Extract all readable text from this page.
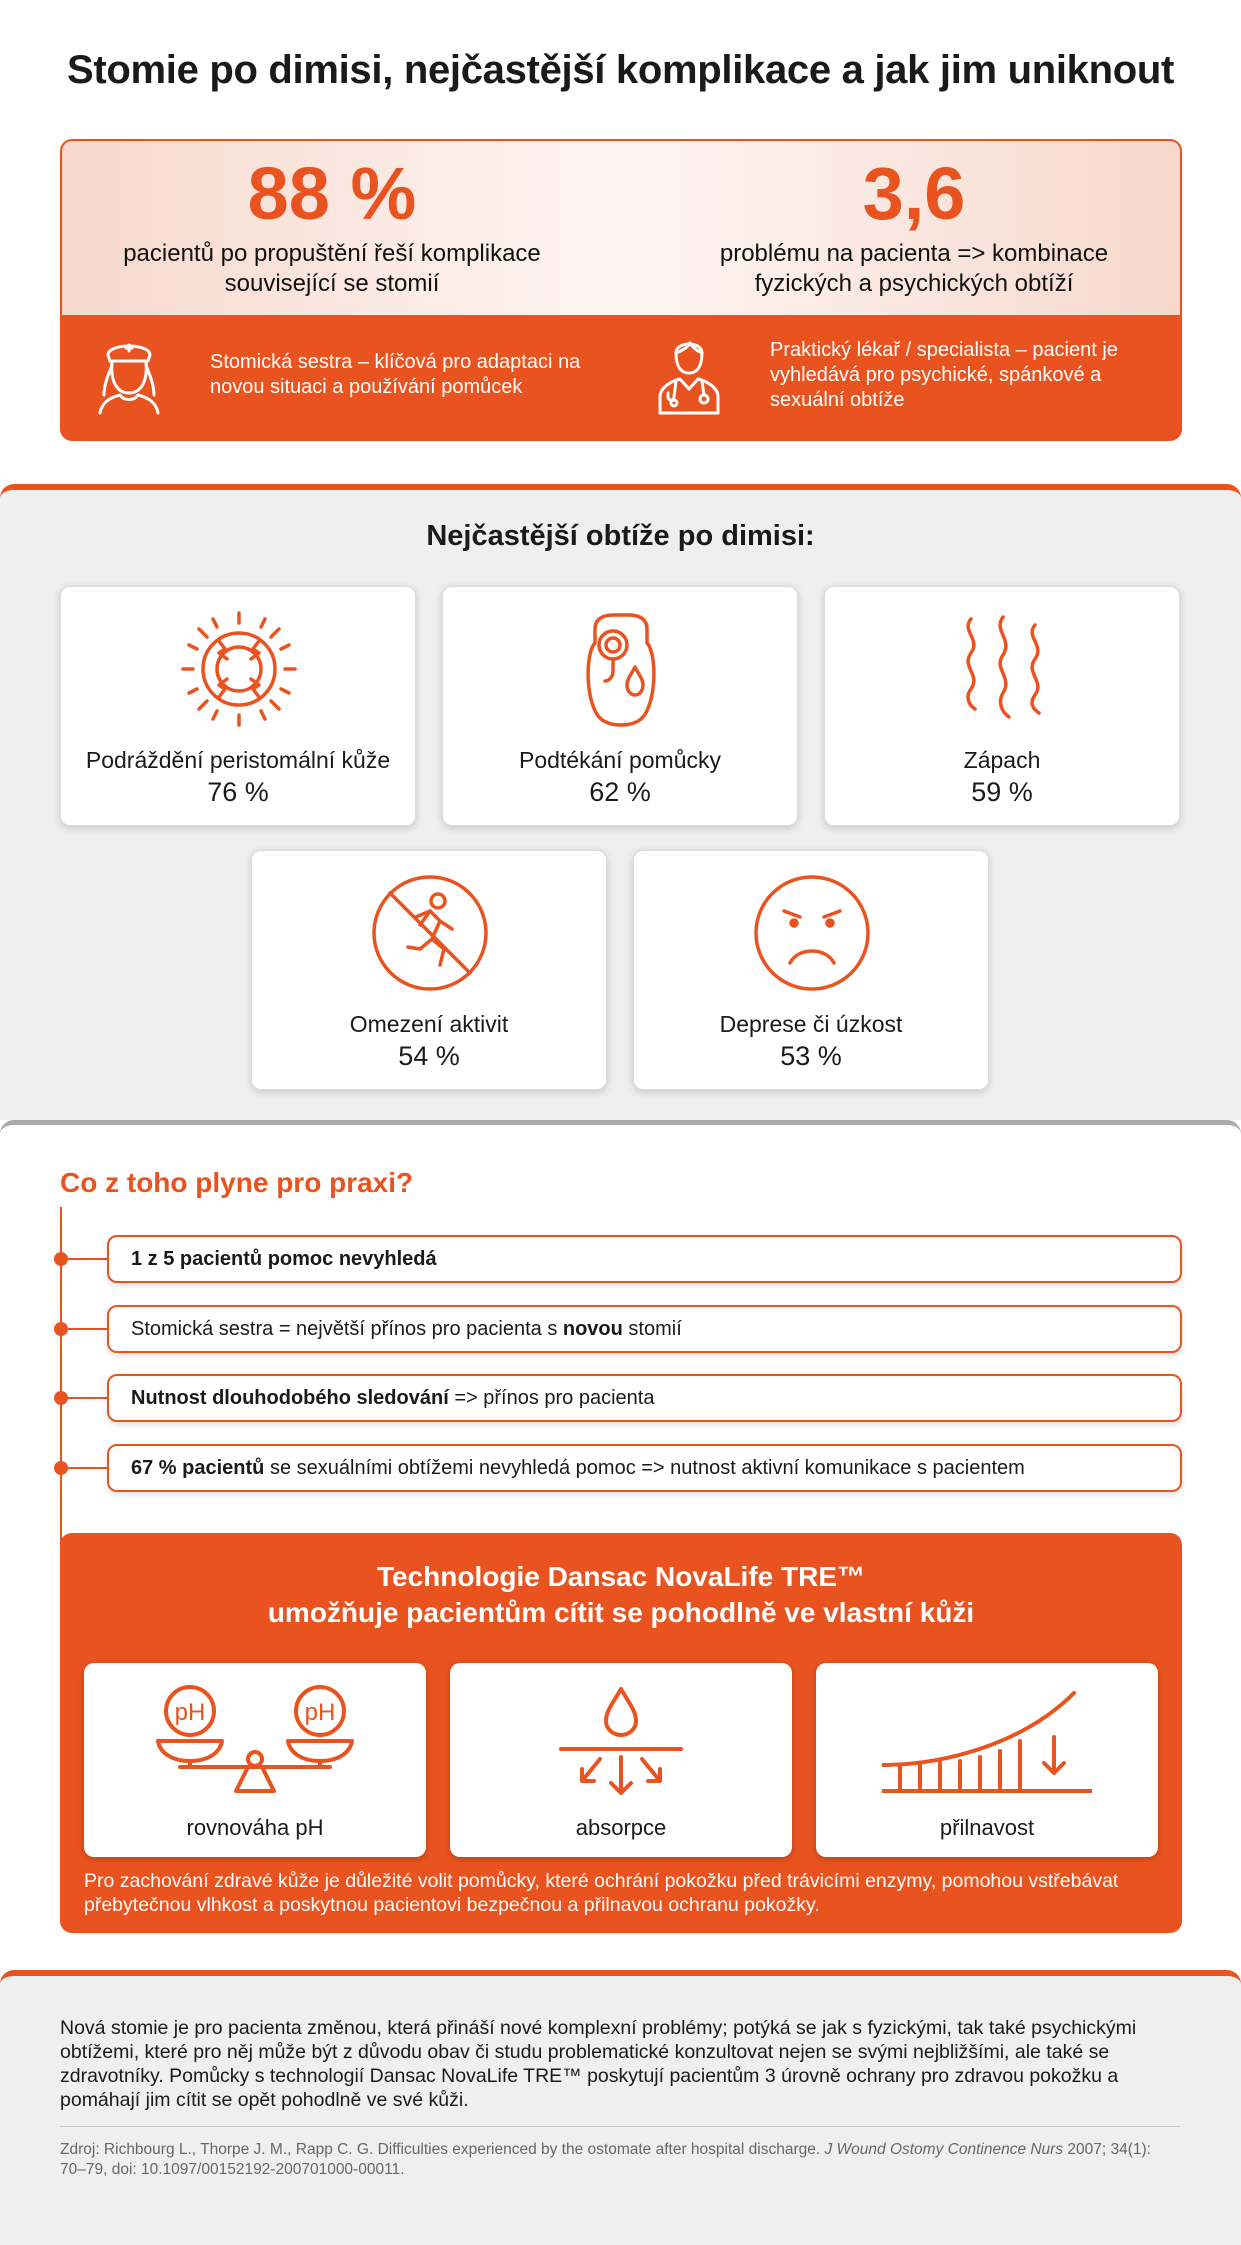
Stomie po dimisi, nejčastější komplikace a jak jim uniknout
88 %
pacientů po propuštění řeší komplikace související se stomií
3,6
problému na pacienta => kombinace fyzických a psychických obtíží
Stomická sestra – klíčová pro adaptaci na novou situaci a používání pomůcek
Praktický lékař / specialista – pacient je vyhledává pro psychické, spánkové a sexuální obtíže
Nejčastější obtíže po dimisi:
Podráždění peristomální kůže
76 %
Podtékání pomůcky
62 %
Zápach
59 %
Omezení aktivit
54 %
Deprese či úzkost
53 %
Co z toho plyne pro praxi?
1 z 5 pacientů pomoc nevyhledá
Stomická sestra = největší přínos pro pacienta s novou stomií
Nutnost dlouhodobého sledování => přínos pro pacienta
67 % pacientů se sexuálními obtížemi nevyhledá pomoc => nutnost aktivní komunikace s pacientem
Technologie Dansac NovaLife TRE™
umožňuje pacientům cítit se pohodlně ve vlastní kůži
pH	pH
rovnováha pH	absorpce	přilnavost
Pro zachování zdravé kůže je důležité volit pomůcky, které ochrání pokožku před trávicími enzymy, pomohou vstřebávat přebytečnou vlhkost a poskytnou pacientovi bezpečnou a přilnavou ochranu pokožky.
Nová stomie je pro pacienta změnou, která přináší nové komplexní problémy; potýká se jak s fyzickými, tak také psychickými obtížemi, které pro něj může být z důvodu obav či studu problematické konzultovat nejen se svými nejbližšími, ale také se zdravotníky. Pomůcky s technologií Dansac NovaLife TRE™ poskytují pacientům 3 úrovně ochrany pro zdravou pokožku a pomáhají jim cítit se opět pohodlně ve své kůži.
Zdroj: Richbourg L., Thorpe J. M., Rapp C. G. Difficulties experienced by the ostomate after hospital discharge. J Wound Ostomy Continence Nurs 2007; 34(1): 70–79, doi: 10.1097/00152192-200701000-00011.
